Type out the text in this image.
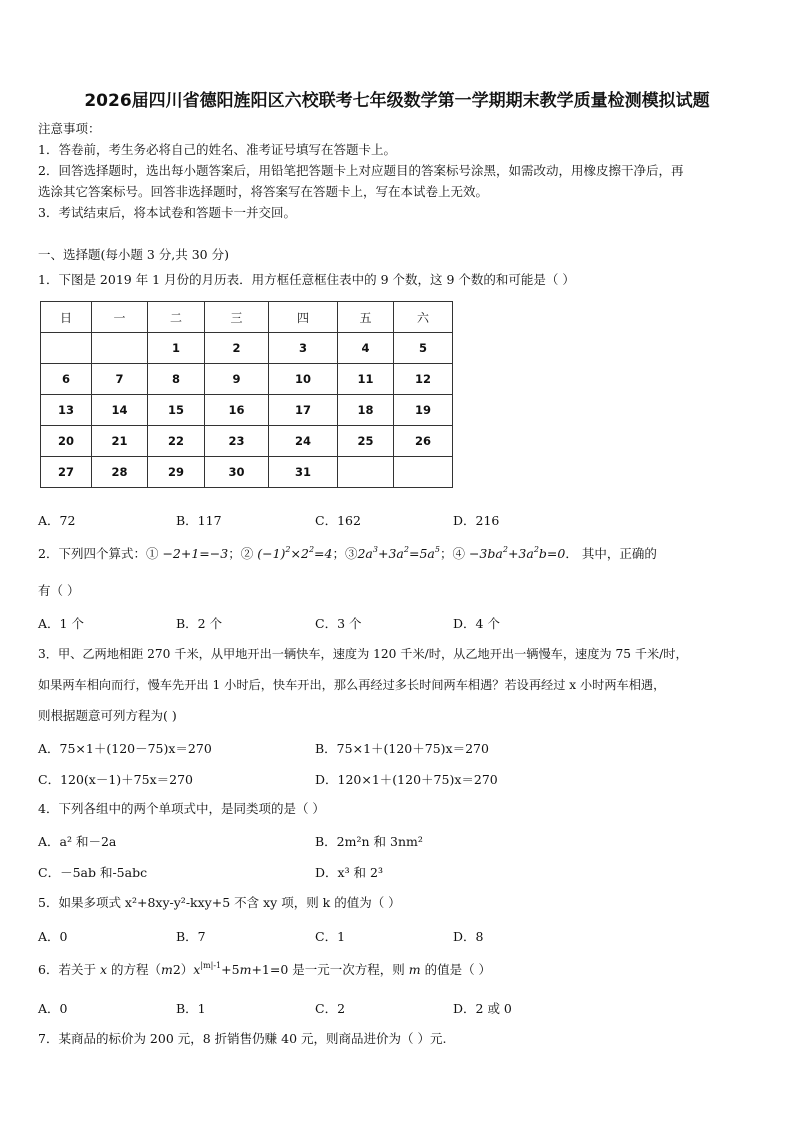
2026届四川省德阳旌阳区六校联考七年级数学第一学期期末教学质量检测模拟试题
注意事项：
1．答卷前，考生务必将自己的姓名、准考证号填写在答题卡上。
2．回答选择题时，选出每小题答案后，用铅笔把答题卡上对应题目的答案标号涂黑，如需改动，用橡皮擦干净后，再
选涂其它答案标号。回答非选择题时，将答案写在答题卡上，写在本试卷上无效。
3．考试结束后，将本试卷和答题卡一并交回。
一、选择题(每小题 3 分,共 30 分)
1．下图是 2019 年 1 月份的月历表．用方框任意框住表中的 9 个数，这 9 个数的和可能是（ ）
日	一	二	三	四	五	六
		1	2	3	4	5
6	7	8	9	10	11	12
13	14	15	16	17	18	19
20	21	22	23	24	25	26
27	28	29	30	31		
A．72	B．117	C．162	D．216
2．下列四个算式：① −2+1=−3；② $(-1)^2\times 2^2=4$；$③2a^3+3a^2=5a^5$；④ $-3ba^2+3a^2b=0$． 其中，正确的
有（ ）
A．1 个	B．2 个	C．3 个	D．4 个
3．甲、乙两地相距 270 千米，从甲地开出一辆快车，速度为 120 千米/时，从乙地开出一辆慢车，速度为 75 千米/时，
如果两车相向而行，慢车先开出 1 小时后，快车开出，那么再经过多长时间两车相遇？若设再经过 x 小时两车相遇，
则根据题意可列方程为( )
A．75×1＋(120－75)x＝270	B．75×1＋(120＋75)x＝270
C．120(x－1)＋75x＝270	D．120×1＋(120＋75)x＝270
4．下列各组中的两个单项式中，是同类项的是（ ）
A．a² 和－2a	B．2m²n 和 3nm²
C．－5ab 和-5abc	D．x³ 和 2³
5．如果多项式 x²+8xy-y²-kxy+5 不含 xy 项，则 k 的值为（ ）
A．0	B．7	C．1	D．8
6．若关于 x 的方程$(m2)x^{|m|-1}+5m+1=0$ 是一元一次方程，则 m 的值是（ ）
A．0	B．1	C．2	D．2 或 0
7．某商品的标价为 200 元，8 折销售仍赚 40 元，则商品进价为（ ）元.
